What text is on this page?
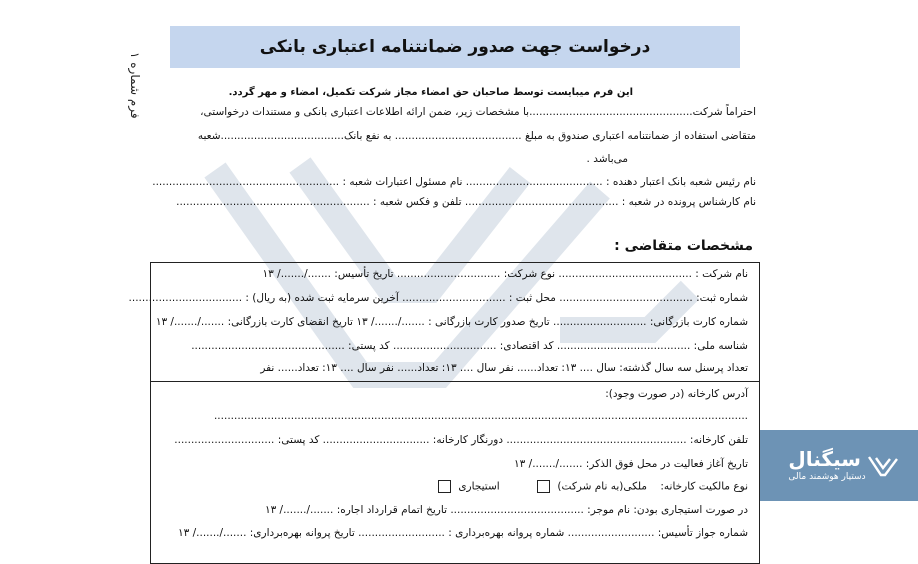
فرم شماره ۱
درخواست جهت صدور ضمانتنامه اعتباری بانکی
این فرم میبایست توسط صاحبان حق امضاء مجاز شرکت تکمیل، امضاء و مهر گردد.
احتراماً شرکت.................................................با مشخصات زیر، ضمن ارائه اطلاعات اعتباری بانکی و مستندات درخواستی،
متقاضی استفاده از ضمانتنامه اعتباری صندوق به مبلغ ...................................... به نفع بانک.....................................شعبه
می‌باشد .
نام رئیس شعبه بانک اعتبار دهنده : ......................................... نام مسئول اعتبارات شعبه : ........................................................
نام کارشناس پرونده در شعبه : .............................................. تلفن و فکس شعبه : ..........................................................
مشخصات متقاضی :
نام شرکت : ........................................ نوع شرکت: ............................... تاریخ تأسیس: ......./......./ ۱۳
شماره ثبت: ........................................ محل ثبت : ............................... آخرین سرمایه ثبت شده (به ریال) : ..................................
شماره کارت بازرگانی: ............................ تاریخ صدور کارت بازرگانی : ......./......./ ۱۳ تاریخ انقضای کارت بازرگانی: ......./......./ ۱۳
شناسه ملی: ........................................ کد اقتصادی: ............................... کد پستی: ..............................................
تعداد پرسنل سه سال گذشته: سال .... ۱۳: تعداد...... نفر سال .... ۱۳: تعداد...... نفر سال .... ۱۳: تعداد...... نفر
آدرس کارخانه (در صورت وجود):
................................................................................................................................................................
تلفن کارخانه: ...................................................... دورنگار کارخانه: ................................ کد پستی: ..............................
تاریخ آغاز فعالیت در محل فوق الذکر: ......./......./ ۱۳
نوع مالکیت کارخانه:    ملکی(به نام شرکت)           استیجاری
در صورت استیجاری بودن: نام موجر: ........................................ تاریخ اتمام قرارداد اجاره: ......./......./ ۱۳
شماره جواز تأسیس: .......................... شماره پروانه بهره‌برداری : .......................... تاریخ پروانه بهره‌برداری: ......./......./ ۱۳
سیگنال
دستیار هوشمند مالی
